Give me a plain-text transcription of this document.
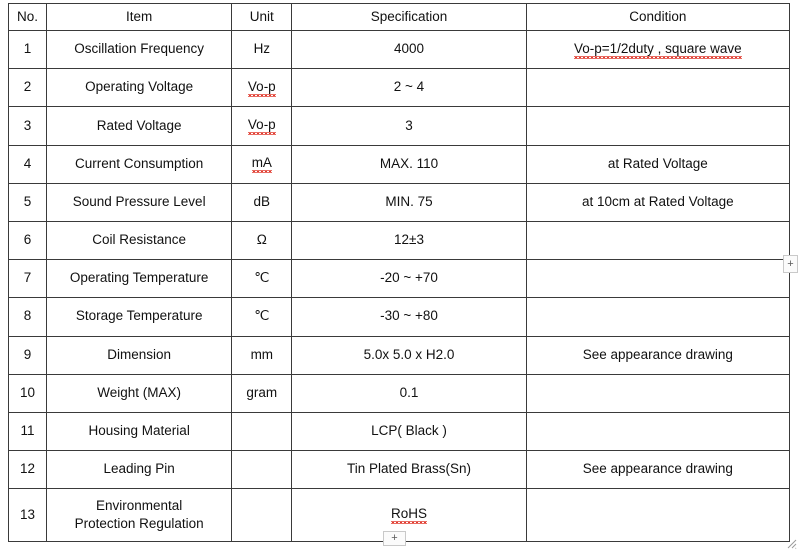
No.	Item	Unit	Specification	Condition
1	Oscillation Frequency	Hz	4000	Vo-p=1/2duty , square wave
2	Operating Voltage	Vo-p	2 ~ 4	
3	Rated Voltage	Vo-p	3	
4	Current Consumption	mA	MAX. 110	at Rated Voltage
5	Sound Pressure Level	dB	MIN. 75	at 10cm at Rated Voltage
6	Coil Resistance	Ω	12±3	
7	Operating Temperature	℃	-20 ~ +70	
8	Storage Temperature	℃	-30 ~ +80	
9	Dimension	mm	5.0x 5.0 x H2.0	See appearance drawing
10	Weight (MAX)	gram	0.1	
11	Housing Material		LCP( Black )	
12	Leading Pin		Tin Plated Brass(Sn)	See appearance drawing
13	Environmental
Protection Regulation		RoHS	
+
+
